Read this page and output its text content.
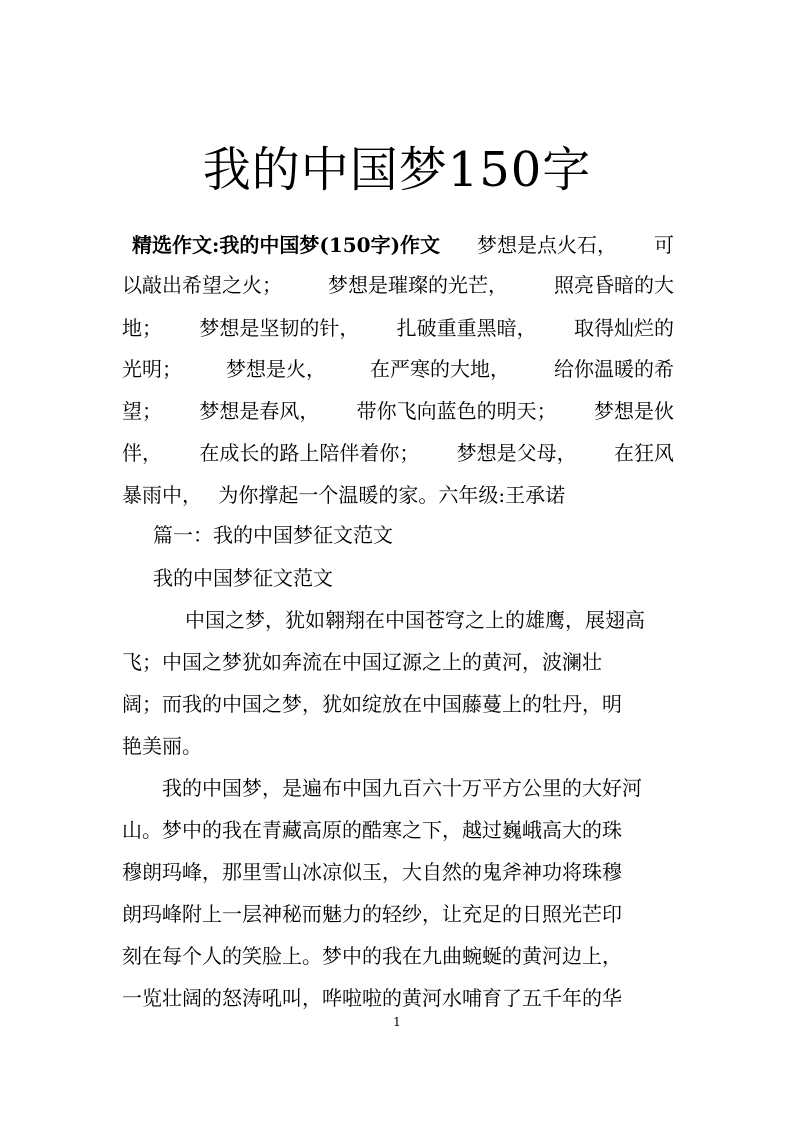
我的中国梦150字
精选作文:我的中国梦(150字)作文 梦想是点火石， 可
以敲出希望之火； 梦想是璀璨的光芒， 照亮昏暗的大
地； 梦想是坚韧的针， 扎破重重黑暗， 取得灿烂的
光明； 梦想是火， 在严寒的大地， 给你温暖的希
望； 梦想是春风， 带你飞向蓝色的明天； 梦想是伙
伴， 在成长的路上陪伴着你； 梦想是父母， 在狂风
暴雨中，　 为你撑起一个温暖的家。六年级:王承诺
篇一：我的中国梦征文范文
我的中国梦征文范文
中国之梦，犹如翱翔在中国苍穹之上的雄鹰，展翅高
飞；中国之梦犹如奔流在中国辽源之上的黄河，波澜壮
阔；而我的中国之梦，犹如绽放在中国藤蔓上的牡丹，明
艳美丽。
我的中国梦，是遍布中国九百六十万平方公里的大好河
山。梦中的我在青藏高原的酷寒之下，越过巍峨高大的珠
穆朗玛峰，那里雪山冰凉似玉，大自然的鬼斧神功将珠穆
朗玛峰附上一层神秘而魅力的轻纱，让充足的日照光芒印
刻在每个人的笑脸上。梦中的我在九曲蜿蜒的黄河边上，
一览壮阔的怒涛吼叫，哗啦啦的黄河水哺育了五千年的华
1
